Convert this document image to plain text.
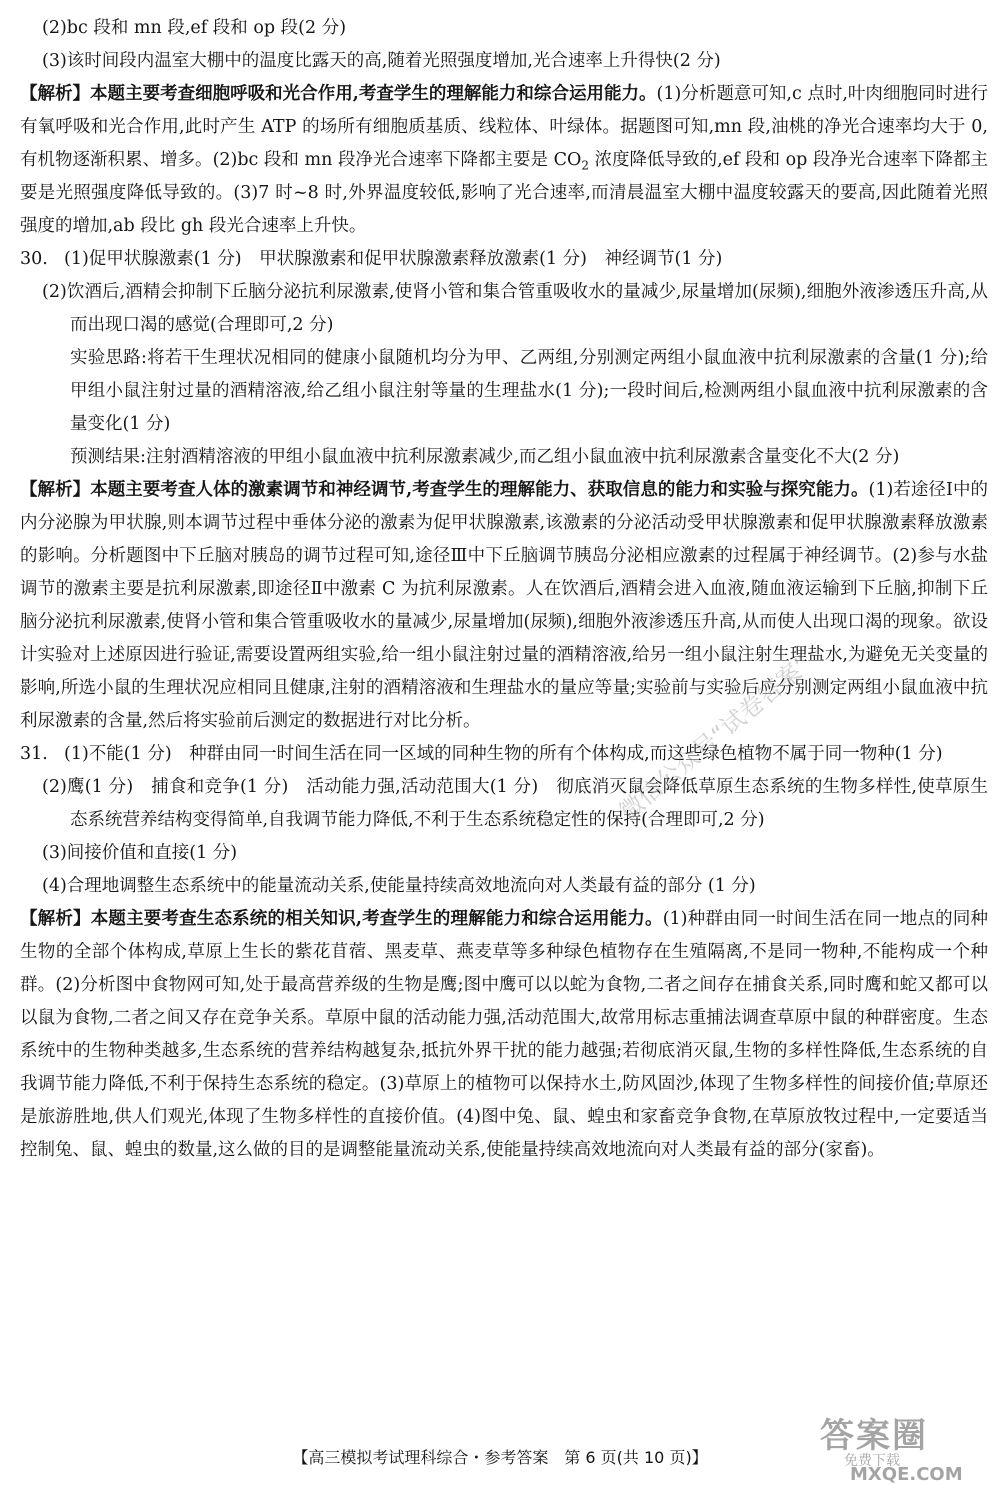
(2)bc 段和 mn 段,ef 段和 op 段(2 分)

(3)该时间段内温室大棚中的温度比露天的高,随着光照强度增加,光合速率上升得快(2 分)

【解析】本题主要考查细胞呼吸和光合作用,考查学生的理解能力和综合运用能力。(1)分析题意可知,c 点时,叶肉细胞同时进行有氧呼吸和光合作用,此时产生 ATP 的场所有细胞质基质、线粒体、叶绿体。据题图可知,mn 段,油桃的净光合速率均大于 0,有机物逐渐积累、增多。(2)bc 段和 mn 段净光合速率下降都主要是 $CO_2$ 浓度降低导致的,ef 段和 op 段净光合速率下降都主要是光照强度降低导致的。(3)7 时~8 时,外界温度较低,影响了光合速率,而清晨温室大棚中温度较露天的要高,因此随着光照强度的增加,ab 段比 gh 段光合速率上升快。

30. (1)促甲状腺激素(1 分)　甲状腺激素和促甲状腺激素释放激素(1 分)　神经调节(1 分)

(2)饮酒后,酒精会抑制下丘脑分泌抗利尿激素,使肾小管和集合管重吸收水的量减少,尿量增加(尿频),细胞外液渗透压升高,从而出现口渴的感觉(合理即可,2 分)

实验思路:将若干生理状况相同的健康小鼠随机均分为甲、乙两组,分别测定两组小鼠血液中抗利尿激素的含量(1 分);给甲组小鼠注射过量的酒精溶液,给乙组小鼠注射等量的生理盐水(1 分);一段时间后,检测两组小鼠血液中抗利尿激素的含量变化(1 分)

预测结果:注射酒精溶液的甲组小鼠血液中抗利尿激素减少,而乙组小鼠血液中抗利尿激素含量变化不大(2 分)

【解析】本题主要考查人体的激素调节和神经调节,考查学生的理解能力、获取信息的能力和实验与探究能力。(1)若途径Ⅰ中的内分泌腺为甲状腺,则本调节过程中垂体分泌的激素为促甲状腺激素,该激素的分泌活动受甲状腺激素和促甲状腺激素释放激素的影响。分析题图中下丘脑对胰岛的调节过程可知,途径Ⅲ中下丘脑调节胰岛分泌相应激素的过程属于神经调节。(2)参与水盐调节的激素主要是抗利尿激素,即途径Ⅱ中激素 C 为抗利尿激素。人在饮酒后,酒精会进入血液,随血液运输到下丘脑,抑制下丘脑分泌抗利尿激素,使肾小管和集合管重吸收水的量减少,尿量增加(尿频),细胞外液渗透压升高,从而使人出现口渴的现象。欲设计实验对上述原因进行验证,需要设置两组实验,给一组小鼠注射过量的酒精溶液,给另一组小鼠注射生理盐水,为避免无关变量的影响,所选小鼠的生理状况应相同且健康,注射的酒精溶液和生理盐水的量应等量;实验前与实验后应分别测定两组小鼠血液中抗利尿激素的含量,然后将实验前后测定的数据进行对比分析。

31. (1)不能(1 分)　种群由同一时间生活在同一区域的同种生物的所有个体构成,而这些绿色植物不属于同一物种(1 分)

(2)鹰(1 分)　捕食和竞争(1 分)　活动能力强,活动范围大(1 分)　彻底消灭鼠会降低草原生态系统的生物多样性,使草原生态系统营养结构变得简单,自我调节能力降低,不利于生态系统稳定性的保持(合理即可,2 分)

(3)间接价值和直接(1 分)

(4)合理地调整生态系统中的能量流动关系,使能量持续高效地流向对人类最有益的部分 (1 分)

【解析】本题主要考查生态系统的相关知识,考查学生的理解能力和综合运用能力。(1)种群由同一时间生活在同一地点的同种生物的全部个体构成,草原上生长的紫花苜蓿、黑麦草、燕麦草等多种绿色植物存在生殖隔离,不是同一物种,不能构成一个种群。(2)分析图中食物网可知,处于最高营养级的生物是鹰;图中鹰可以以蛇为食物,二者之间存在捕食关系,同时鹰和蛇又都可以以鼠为食物,二者之间又存在竞争关系。草原中鼠的活动能力强,活动范围大,故常用标志重捕法调查草原中鼠的种群密度。生态系统中的生物种类越多,生态系统的营养结构越复杂,抵抗外界干扰的能力越强;若彻底消灭鼠,生物的多样性降低,生态系统的自我调节能力降低,不利于保持生态系统的稳定。(3)草原上的植物可以保持水土,防风固沙,体现了生物多样性的间接价值;草原还是旅游胜地,供人们观光,体现了生物多样性的直接价值。(4)图中兔、鼠、蝗虫和家畜竞争食物,在草原放牧过程中,一定要适当控制兔、鼠、蝗虫的数量,这么做的目的是调整能量流动关系,使能量持续高效地流向对人类最有益的部分(家畜)。

微信公众号“试卷答案”
答案圈
免费下载
MXQE.COM
【高三模拟考试理科综合・参考答案　第 6 页(共 10 页)】
